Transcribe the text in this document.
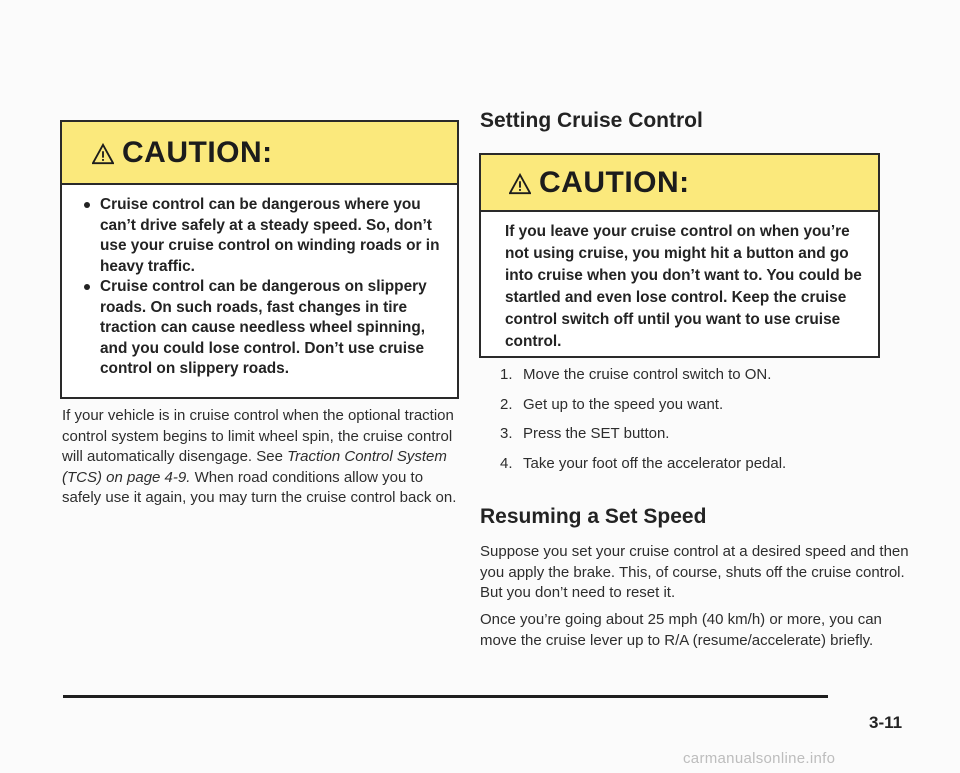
CAUTION:
Cruise control can be dangerous where you can’t drive safely at a steady speed. So, don’t use your cruise control on winding roads or in heavy traffic.
Cruise control can be dangerous on slippery roads. On such roads, fast changes in tire traction can cause needless wheel spinning, and you could lose control. Don’t use cruise control on slippery roads.

If your vehicle is in cruise control when the optional traction control system begins to limit wheel spin, the cruise control will automatically disengage. See Traction Control System (TCS) on page 4-9. When road conditions allow you to safely use it again, you may turn the cruise control back on.

Setting Cruise Control
CAUTION:
If you leave your cruise control on when you’re not using cruise, you might hit a button and go into cruise when you don’t want to. You could be startled and even lose control. Keep the cruise control switch off until you want to use cruise control.
1. Move the cruise control switch to ON.
2. Get up to the speed you want.
3. Press the SET button.
4. Take your foot off the accelerator pedal.
Resuming a Set Speed

Suppose you set your cruise control at a desired speed and then you apply the brake. This, of course, shuts off the cruise control. But you don’t need to reset it.

Once you’re going about 25 mph (40 km/h) or more, you can move the cruise lever up to R/A (resume/accelerate) briefly.

3-11
carmanualsonline.info
